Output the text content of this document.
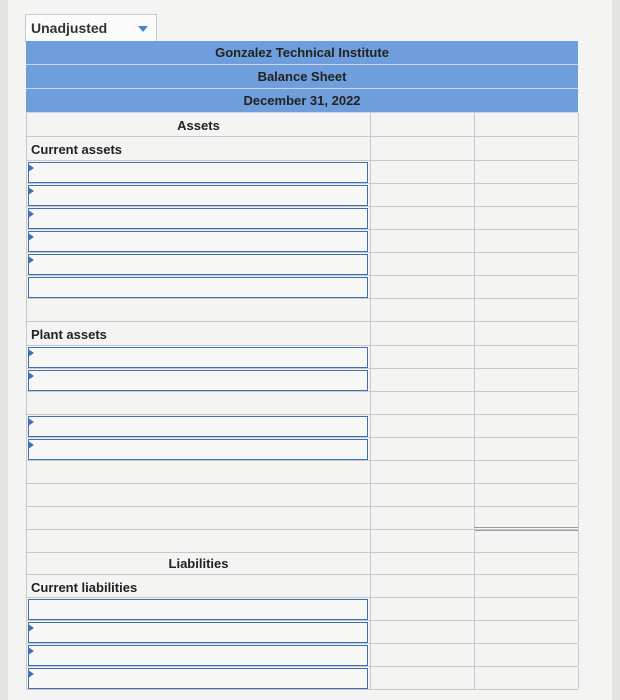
Unadjusted
Gonzalez Technical Institute
Balance Sheet
December 31, 2022
Assets
Current assets
Plant assets
Liabilities
Current liabilities
